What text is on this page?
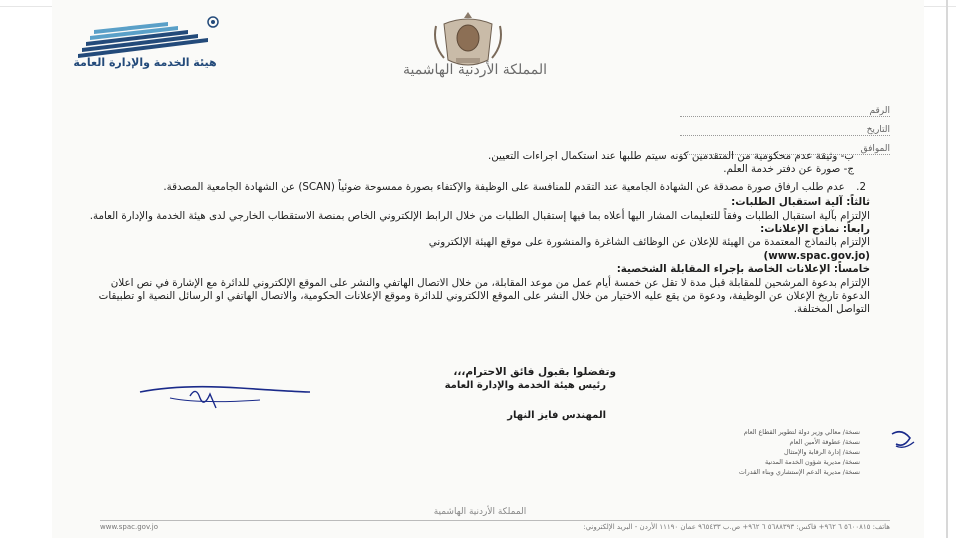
هيئة الخدمة والإدارة العامة	المملكة الأردنية الهاشمية
الرقم
التاريخ
الموافق

ب- وثيقة عدم محكومية من المتقدمين كونه سيتم طلبها عند استكمال اجراءات التعيين.

ج- صورة عن دفتر خدمة العلم.

2. عدم طلب ارفاق صورة مصدقة عن الشهادة الجامعية عند التقدم للمنافسة على الوظيفة والإكتفاء بصورة ممسوحة ضوئياً (SCAN) عن الشهادة الجامعية المصدقة.

ثالثاً: آلية استقبال الطلبات:

الإلتزام بآلية استقبال الطلبات وفقاً للتعليمات المشار اليها أعلاه بما فيها إستقبال الطلبات من خلال الرابط الإلكتروني الخاص بمنصة الاستقطاب الخارجي لدى هيئة الخدمة والإدارة العامة.

رابعاً: نماذج الإعلانات:

الإلتزام بالنماذج المعتمدة من الهيئة للإعلان عن الوظائف الشاغرة والمنشورة على موقع الهيئة الإلكتروني

(www.spac.gov.jo)

خامساً: الإعلانات الخاصة بإجراء المقابلة الشخصية:

الإلتزام بدعوة المرشحين للمقابلة قبل مدة لا تقل عن خمسة أيام عمل من موعد المقابلة، من خلال الاتصال الهاتفي والنشر على الموقع الإلكتروني للدائرة مع الإشارة في نص اعلان الدعوة تاريخ الإعلان عن الوظيفة، ودعوة من يقع عليه الاختيار من خلال النشر على الموقع الالكتروني للدائرة وموقع الإعلانات الحكومية، والاتصال الهاتفي او الرسائل النصية او تطبيقات التواصل المختلفة.

وتفضلوا بقبول فائق الاحترام،،،
رئيس هيئة الخدمة والإدارة العامة
المهندس فايز النهار
نسخة/ معالي وزير دولة لتطوير القطاع العام
نسخة/ عطوفة الأمين العام
نسخة/ إدارة الرقابة والإمتثال
نسخة/ مديرية شؤون الخدمة المدنية
نسخة/ مديرية الدعم الإستشاري وبناء القدرات
المملكة الأردنية الهاشمية
www.spac.gov.jo	هاتف: ٥٦٠٠٨١٥ ٦ ٩٦٢+ فاكس: ٥٦٨٨٣٩٣ ٦ ٩٦٢+ ص.ب ٩٦٥٤٣٣ عمان ١١١٩٠ الأردن - البريد الإلكتروني:
